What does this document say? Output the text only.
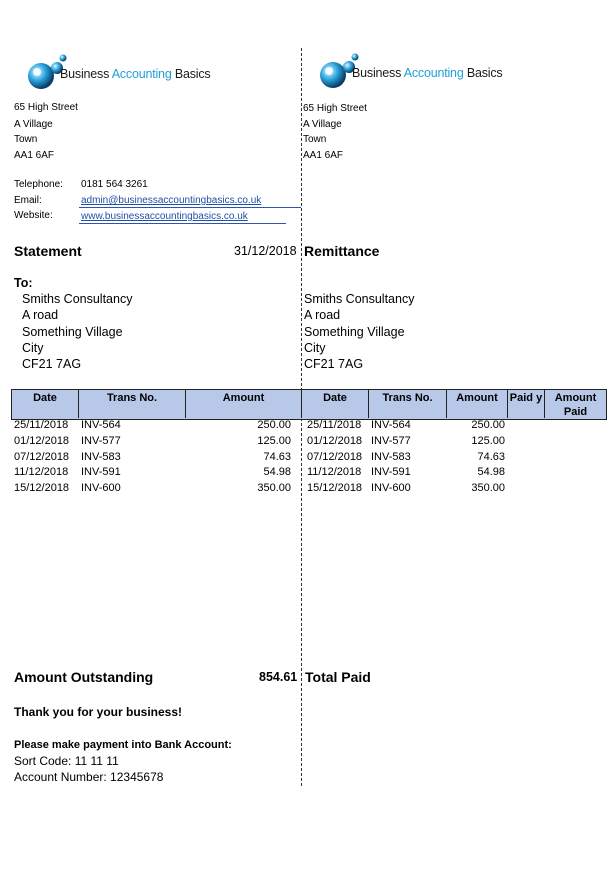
Business Accounting Basics	Business Accounting Basics
65 High Street
A Village
Town
AA1 6AF
65 High Street
A Village
Town
AA1 6AF
Telephone: 0181 564 3261
Email:	admin@businessaccountingbasics.co.uk
Website:	www.businessaccountingbasics.co.uk
Statement	31/12/2018 Remittance
To:
Smiths Consultancy
A road
Something Village
City
CF21 7AG
Smiths Consultancy
A road
Something Village
City
CF21 7AG
Date	Trans No.	Amount	Date	Trans No.	Amount	Paid y	Amount Paid
25/11/2018 INV-564	250.00 25/11/2018 INV-564	250.00
01/12/2018 INV-577	125.00 01/12/2018 INV-577	125.00
07/12/2018 INV-583	74.63 07/12/2018 INV-583	74.63
11/12/2018 INV-591	54.98 11/12/2018 INV-591	54.98
15/12/2018 INV-600	350.00 15/12/2018 INV-600	350.00
Amount Outstanding	854.61 Total Paid
Thank you for your business!
Please make payment into Bank Account:
Sort Code: 11 11 11
Account Number: 12345678
